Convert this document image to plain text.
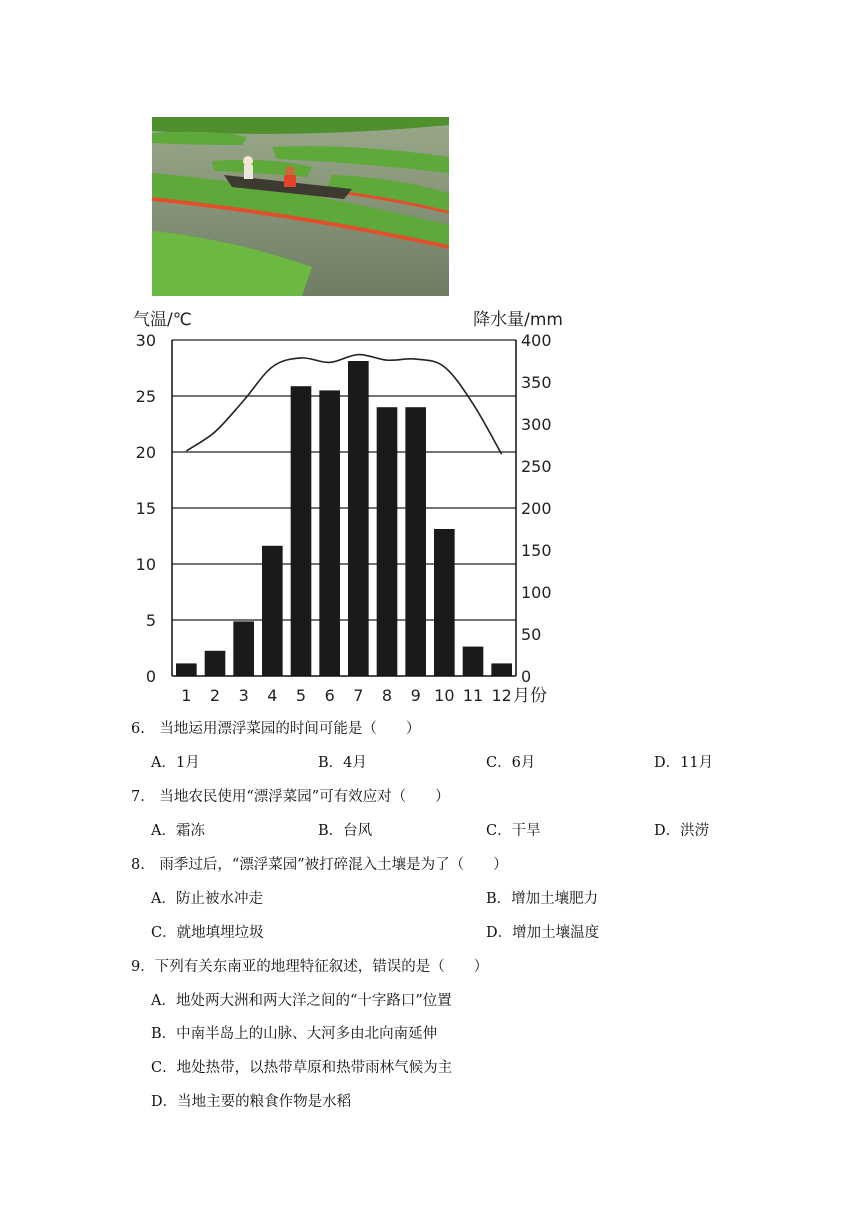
气温/℃	降水量/mm
月份
0
5
10
15
20
25
30
0
50
100
150
200
250
300
350
400
1 2 3 4 5 6 7 8 9 10 11 12
6.　当地运用漂浮菜园的时间可能是（　　）
A．1月	B．4月	C．6月	D．11月
7.　当地农民使用“漂浮菜园”可有效应对（　　）
A．霜冻	B．台风	C．干旱	D．洪涝
8.　雨季过后，“漂浮菜园”被打碎混入土壤是为了（　　）
A．防止被水冲走	B．增加土壤肥力
C．就地填埋垃圾	D．增加土壤温度
9．下列有关东南亚的地理特征叙述，错误的是（　　）
A．地处两大洲和两大洋之间的“十字路口”位置
B．中南半岛上的山脉、大河多由北向南延伸
C．地处热带，以热带草原和热带雨林气候为主
D．当地主要的粮食作物是水稻
